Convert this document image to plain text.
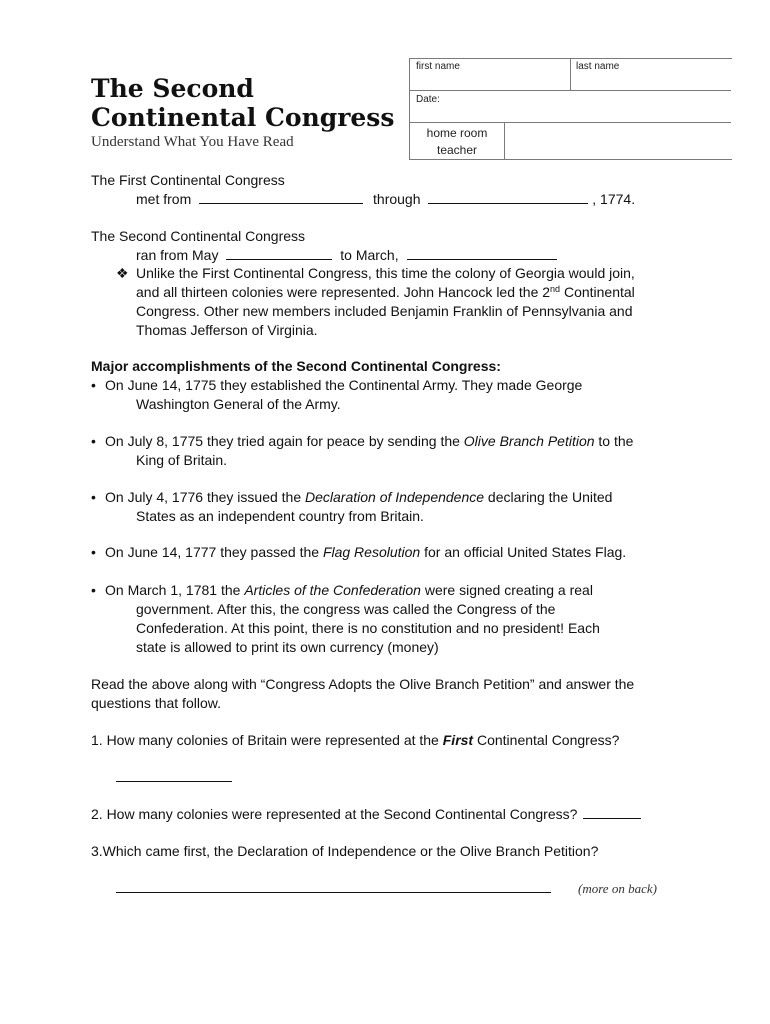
The Second
Continental Congress
Understand What You Have Read
first name	last name
Date:
home room
teacher
The First Continental Congress
met from	through	, 1774.
The Second Continental Congress
ran from May	to March,
❖ Unlike the First Continental Congress, this time the colony of Georgia would join,
and all thirteen colonies were represented. John Hancock led the 2nd Continental
Congress. Other new members included Benjamin Franklin of Pennsylvania and
Thomas Jefferson of Virginia.
Major accomplishments of the Second Continental Congress:
• On June 14, 1775 they established the Continental Army. They made George
Washington General of the Army.
• On July 8, 1775 they tried again for peace by sending the Olive Branch Petition to the
King of Britain.
• On July 4, 1776 they issued the Declaration of Independence declaring the United
States as an independent country from Britain.
• On June 14, 1777 they passed the Flag Resolution for an official United States Flag.
• On March 1, 1781 the Articles of the Confederation were signed creating a real
government. After this, the congress was called the Congress of the
Confederation. At this point, there is no constitution and no president! Each
state is allowed to print its own currency (money)
Read the above along with “Congress Adopts the Olive Branch Petition” and answer the
questions that follow.
1. How many colonies of Britain were represented at the First Continental Congress?
2. How many colonies were represented at the Second Continental Congress?
3.Which came first, the Declaration of Independence or the Olive Branch Petition?
(more on back)
